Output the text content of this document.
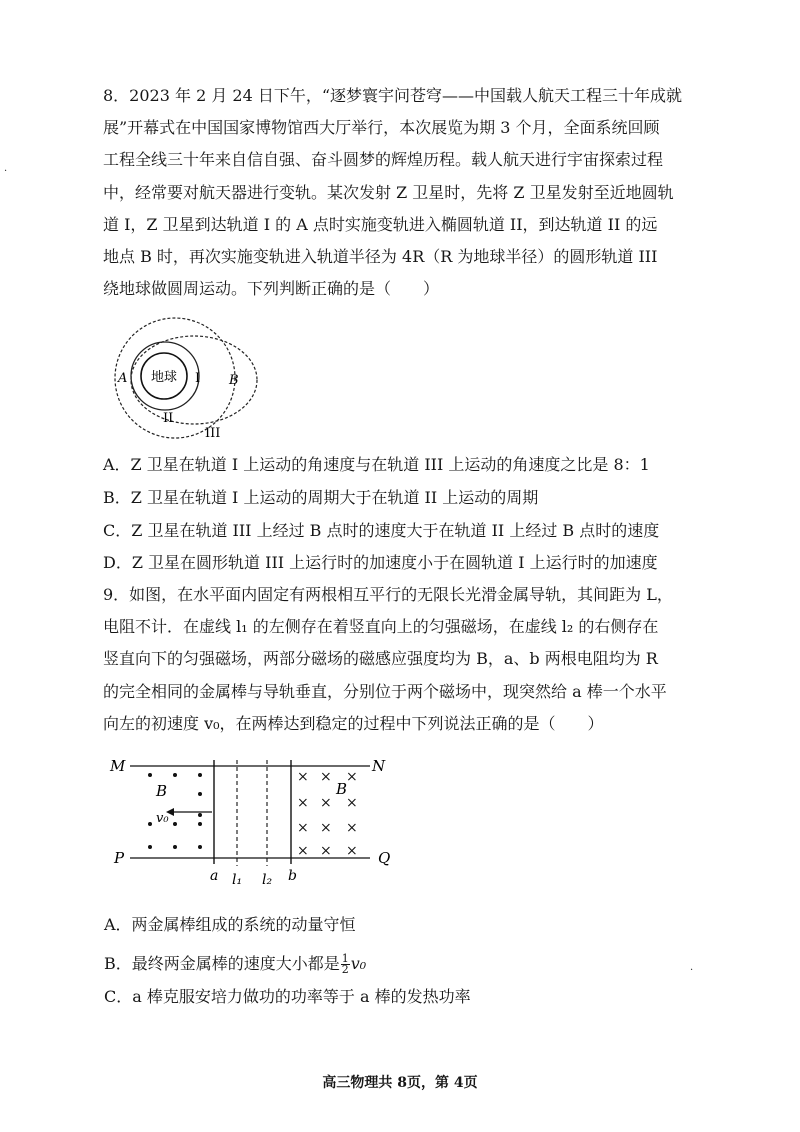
8．2023 年 2 月 24 日下午，“逐梦寰宇问苍穹——中国载人航天工程三十年成就
展”开幕式在中国国家博物馆西大厅举行，本次展览为期 3 个月，全面系统回顾
工程全线三十年来自信自强、奋斗圆梦的辉煌历程。载人航天进行宇宙探索过程
中，经常要对航天器进行变轨。某次发射 Z 卫星时，先将 Z 卫星发射至近地圆轨
道 I，Z 卫星到达轨道 I 的 A 点时实施变轨进入椭圆轨道 II，到达轨道 II 的远
地点 B 时，再次实施变轨进入轨道半径为 4R（R 为地球半径）的圆形轨道 III
绕地球做圆周运动。下列判断正确的是（　　）
地球
A	B
I
II
III

A．Z 卫星在轨道 I 上运动的角速度与在轨道 III 上运动的角速度之比是 8：1

B．Z 卫星在轨道 I 上运动的周期大于在轨道 II 上运动的周期

C．Z 卫星在轨道 III 上经过 B 点时的速度大于在轨道 II 上经过 B 点时的速度

D．Z 卫星在圆形轨道 III 上运行时的加速度小于在圆轨道 I 上运行时的加速度

9．如图，在水平面内固定有两根相互平行的无限长光滑金属导轨，其间距为 L，
电阻不计．在虚线 l₁ 的左侧存在着竖直向上的匀强磁场，在虚线 l₂ 的右侧存在
竖直向下的匀强磁场，两部分磁场的磁感应强度均为 B，a、b 两根电阻均为 R
的完全相同的金属棒与导轨垂直，分别位于两个磁场中，现突然给 a 棒一个水平
向左的初速度 v₀，在两棒达到稳定的过程中下列说法正确的是（　　）
M	N
P	Q
B
v₀
× × ×
× × ×
× × ×
× × ×
B
a l₁ l₂ b

A．两金属棒组成的系统的动量守恒

B．最终两金属棒的速度大小都是 $\frac{1}{2} v_0$

C．a 棒克服安培力做功的功率等于 a 棒的发热功率

高三物理共 8页，第 4页
·
·
